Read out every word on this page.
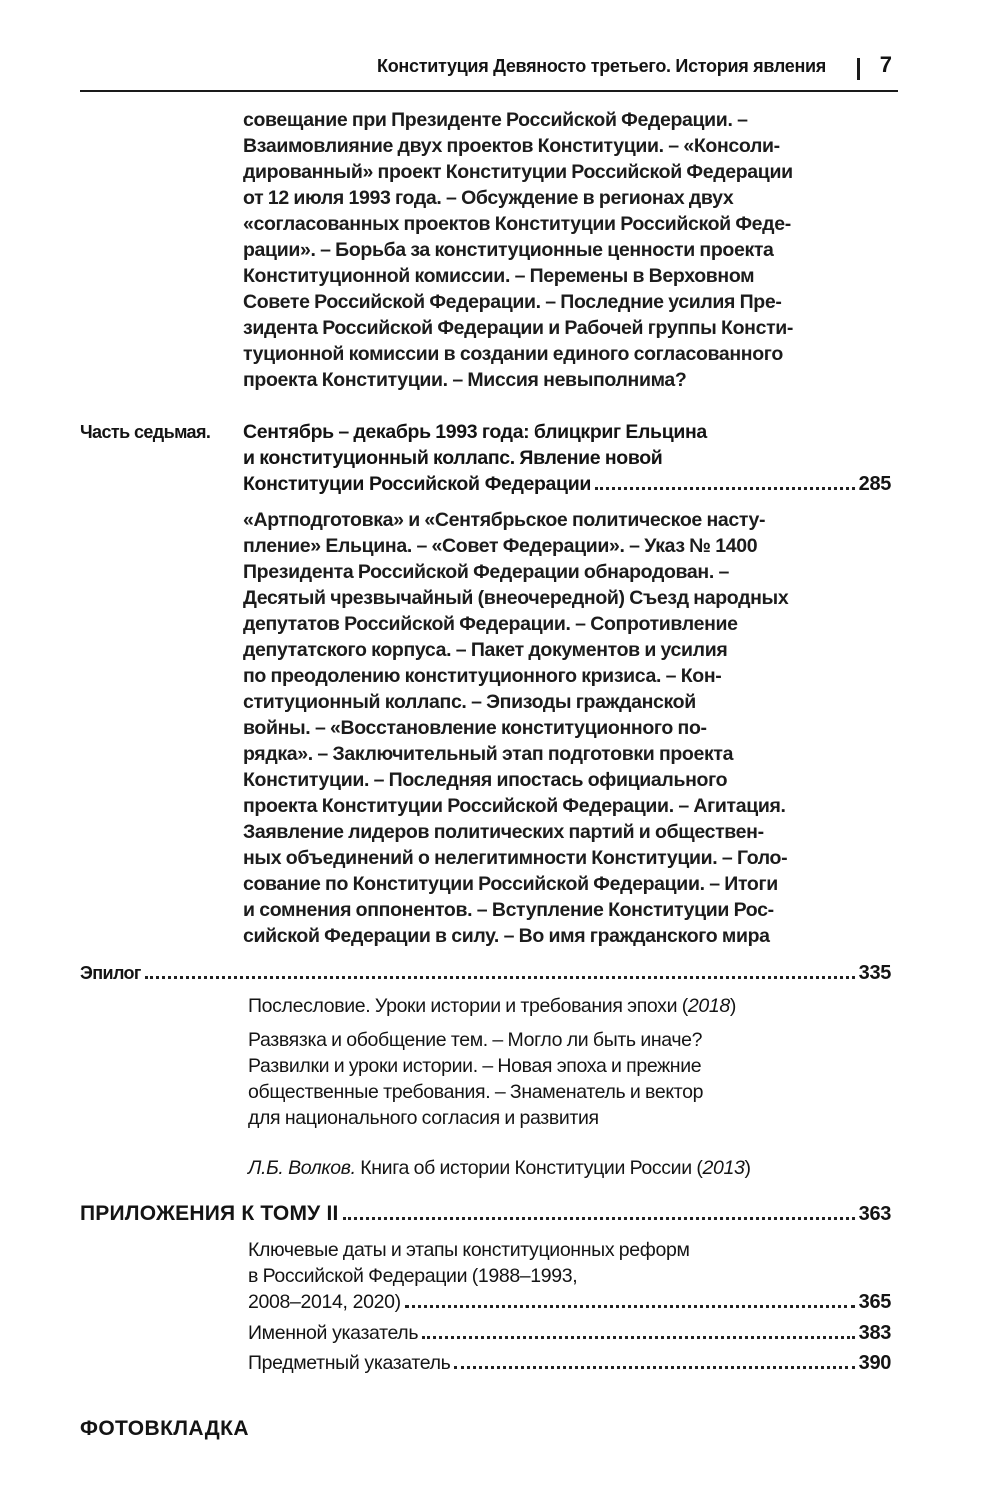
Конституция Девяносто третьего. История явления 7
совещание при Президенте Российской Федерации. –
Взаимовлияние двух проектов Конституции. – «Консоли-
дированный» проект Конституции Российской Федерации
от 12 июля 1993 года. – Обсуждение в регионах двух
«согласованных проектов Конституции Российской Феде-
рации». – Борьба за конституционные ценности проекта
Конституционной комиссии. – Перемены в Верховном
Совете Российской Федерации. – Последние усилия Пре-
зидента Российской Федерации и Рабочей группы Консти-
туционной комиссии в создании единого согласованного
проекта Конституции. – Миссия невыполнима?

Часть седьмая. Сентябрь – декабрь 1993 года: блицкриг Ельцина
и конституционный коллапс. Явление новой
Конституции Российской Федерации	285
«Артподготовка» и «Сентябрьское политическое насту-
пление» Ельцина. – «Совет Федерации». – Указ № 1400
Президента Российской Федерации обнародован. –
Десятый чрезвычайный (внеочередной) Съезд народных
депутатов Российской Федерации. – Сопротивление
депутатского корпуса. – Пакет документов и усилия
по преодолению конституционного кризиса. – Кон-
ституционный коллапс. – Эпизоды гражданской
войны. – «Восстановление конституционного по-
рядка». – Заключительный этап подготовки проекта
Конституции. – Последняя ипостась официального
проекта Конституции Российской Федерации. – Агитация.
Заявление лидеров политических партий и обществен-
ных объединений о нелегитимности Конституции. – Голо-
сование по Конституции Российской Федерации. – Итоги
и сомнения оппонентов. – Вступление Конституции Рос-
сийской Федерации в силу. – Во имя гражданского мира
Эпилог	335
Послесловие. Уроки истории и требования эпохи (2018)
Развязка и обобщение тем. – Могло ли быть иначе?
Развилки и уроки истории. – Новая эпоха и прежние
общественные требования. – Знаменатель и вектор
для национального согласия и развития
Л.Б. Волков. Книга об истории Конституции России (2013)
ПРИЛОЖЕНИЯ К ТОМУ II	363
Ключевые даты и этапы конституционных реформ
в Российской Федерации (1988–1993,
2008–2014, 2020)	365
Именной указатель	383
Предметный указатель	390

ФОТОВКЛАДКА
